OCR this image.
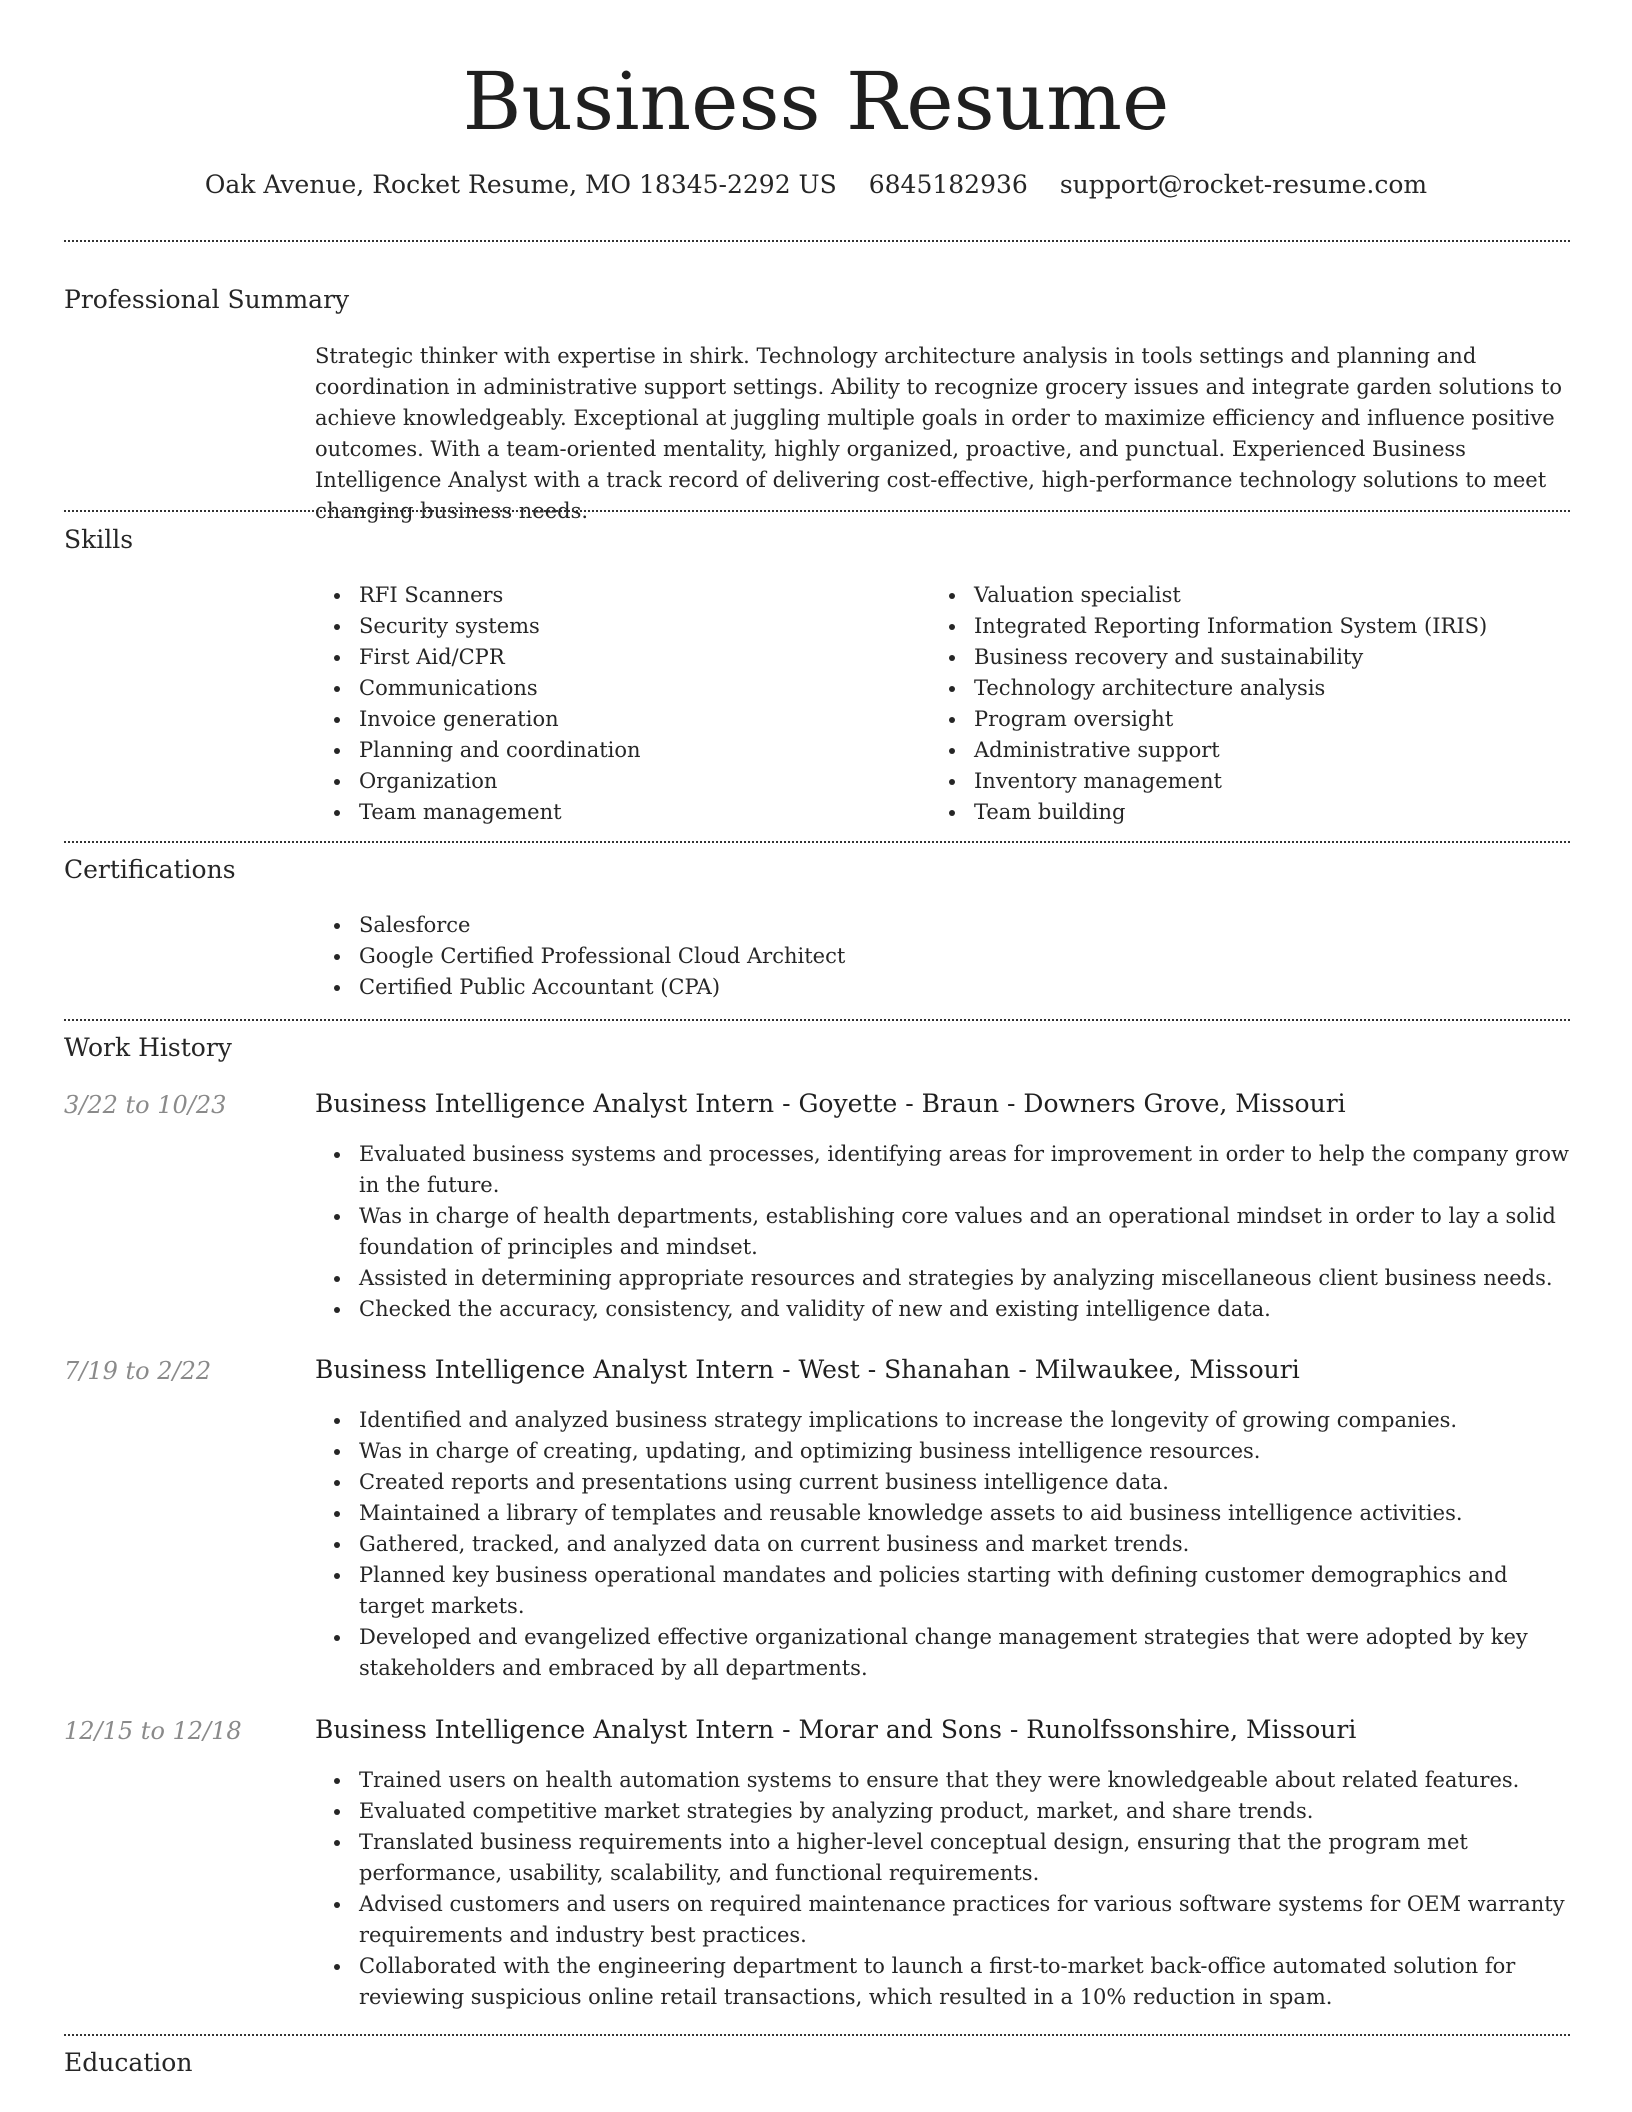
Business Resume
Oak Avenue, Rocket Resume, MO 18345-2292 US 6845182936 support@rocket-resume.com
Professional Summary

Strategic thinker with expertise in shirk. Technology architecture analysis in tools settings and planning and coordination in administrative support settings. Ability to recognize grocery issues and integrate garden solutions to achieve knowledgeably. Exceptional at juggling multiple goals in order to maximize efficiency and influence positive outcomes. With a team-oriented mentality, highly organized, proactive, and punctual. Experienced Business Intelligence Analyst with a track record of delivering cost-effective, high-performance technology solutions to meet changing business needs.

Skills
RFI Scanners
Security systems
First Aid/CPR
Communications
Invoice generation
Planning and coordination
Organization
Team management
Valuation specialist
Integrated Reporting Information System (IRIS)
Business recovery and sustainability
Technology architecture analysis
Program oversight
Administrative support
Inventory management
Team building
Certifications
Salesforce
Google Certified Professional Cloud Architect
Certified Public Accountant (CPA)
Work History
3/22 to 10/23	Business Intelligence Analyst Intern - Goyette - Braun - Downers Grove, Missouri
Evaluated business systems and processes, identifying areas for improvement in order to help the company grow in the future.
Was in charge of health departments, establishing core values and an operational mindset in order to lay a solid foundation of principles and mindset.
Assisted in determining appropriate resources and strategies by analyzing miscellaneous client business needs.
Checked the accuracy, consistency, and validity of new and existing intelligence data.
7/19 to 2/22	Business Intelligence Analyst Intern - West - Shanahan - Milwaukee, Missouri
Identified and analyzed business strategy implications to increase the longevity of growing companies.
Was in charge of creating, updating, and optimizing business intelligence resources.
Created reports and presentations using current business intelligence data.
Maintained a library of templates and reusable knowledge assets to aid business intelligence activities.
Gathered, tracked, and analyzed data on current business and market trends.
Planned key business operational mandates and policies starting with defining customer demographics and target markets.
Developed and evangelized effective organizational change management strategies that were adopted by key stakeholders and embraced by all departments.
12/15 to 12/18	Business Intelligence Analyst Intern - Morar and Sons - Runolfssonshire, Missouri
Trained users on health automation systems to ensure that they were knowledgeable about related features.
Evaluated competitive market strategies by analyzing product, market, and share trends.
Translated business requirements into a higher-level conceptual design, ensuring that the program met performance, usability, scalability, and functional requirements.
Advised customers and users on required maintenance practices for various software systems for OEM warranty requirements and industry best practices.
Collaborated with the engineering department to launch a first-to-market back-office automated solution for reviewing suspicious online retail transactions, which resulted in a 10% reduction in spam.
Education
